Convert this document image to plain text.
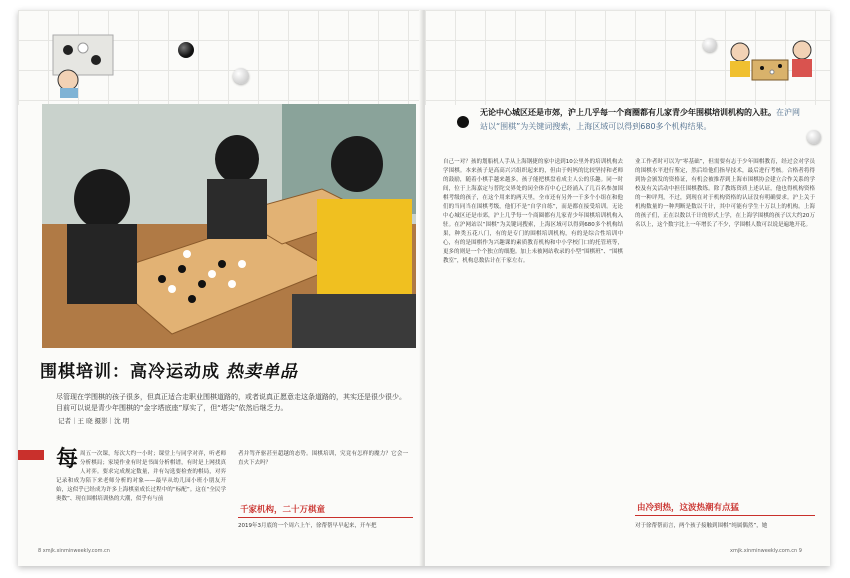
围棋培训：高冷运动成 热卖单品
尽管现在学围棋的孩子很多，但真正适合走职业围棋道路的，或者说真正愿意走这条道路的，其实还是很少很少。目前可以说是青少年围棋的“金字塔底座”厚实了，但“塔尖”依然后继乏力。
记者｜王 晓 摄影｜沈 明
每周五一次课，每次大约一小时；课堂上与同学对弈，听老师分析棋局；家境作业有时是书面分析棋谱，有时是上网找真人对弈。要求完成规定数量，并有勾选要检查的棋局，对弈记录和成为陪下来老师分析的对象——最早从幼儿园小班小朋友开始，这似乎已经成为许多上海棋童成长过程中的“标配”。这在“全民学奥数”、现在围棋培训热的大潮，似乎有与前
者并驾齐驱甚至超越的态势。围棋培训，究竟有怎样的魔力？它会一直火下去吗？
千家机构，二十万棋童
2019年3月底的一个周六上午，徐帮帮早早起来，开车把
8 xmjk.xinminweekly.com.cn
无论中心城区还是市郊，沪上几乎每一个商圈都有儿家青少年围棋培训机构的入驻。在沪网站以“围棋”为关键词搜索，上海区域可以得到680多个机构结果。
自己一对？孩的划船机人手从上海钢捷的家中送到10公里外的培训机构去学围棋。本来孩子是高高兴兴组织起来的，但由于妈妈的比较坚持和老师的鼓励，随着小棋手越来越多，孩子能把棋盘看成主人公的乐趣。同一时间，位于上海嘉定与普陀交界处的闵全体育中心已经涌入了几百名参加围棋考级的孩子，在这个用来的两天里，全市还有另外一千多个小组在和他们的当同当在围棋考级，他们不是“自学自练”，而是都在接受培训。无论中心城区还是市郊，沪上几乎每一个商圈都有儿家青少年围棋培训机构入驻。在沪网站以“围棋”为关键词搜索，上海区域可以得到680多个机构结果，种类五花八门，有的是专门的围棋培训机构，有的是综合性培训中心，有的是围棋作为兴趣课的素质教育机构和中小学校门口的托管班等，更多的则是一个个独立的细胞。加上未被网站收录的小型“围棋班”、“围棋教室”，机构总数估计在千家左右。
业工作者时可以为“零基础”，但需要有志于少年围棋教育，经过会对学员的围棋水平进行鉴定，然后给他们指导技术，最后进行考核。合格者将得到协会颁发的资格证，有机会被推荐到上海市围棋协会建立合作关系的学校及有关活动中担任围棋教练。除了教练资质上述认证，他也得机构资格的一种评判，不过，到现在对于机构资格的认证没有明确要求。沪上关于机构数量的一种判断是数以千计，其中可能有学生十万以上的机构。上海的孩子们，正在以数以千计的形式上学，在上海学围棋的孩子以大约20万名以上，这个数字比上一年增长了不少，学围棋人数可以说是遍地开花。
由冷到热，这波热潮有点猛
对于徐帮帮而言，两个孩子接触到围棋“纯属偶然”，她
xmjk.xinminweekly.com.cn 9
